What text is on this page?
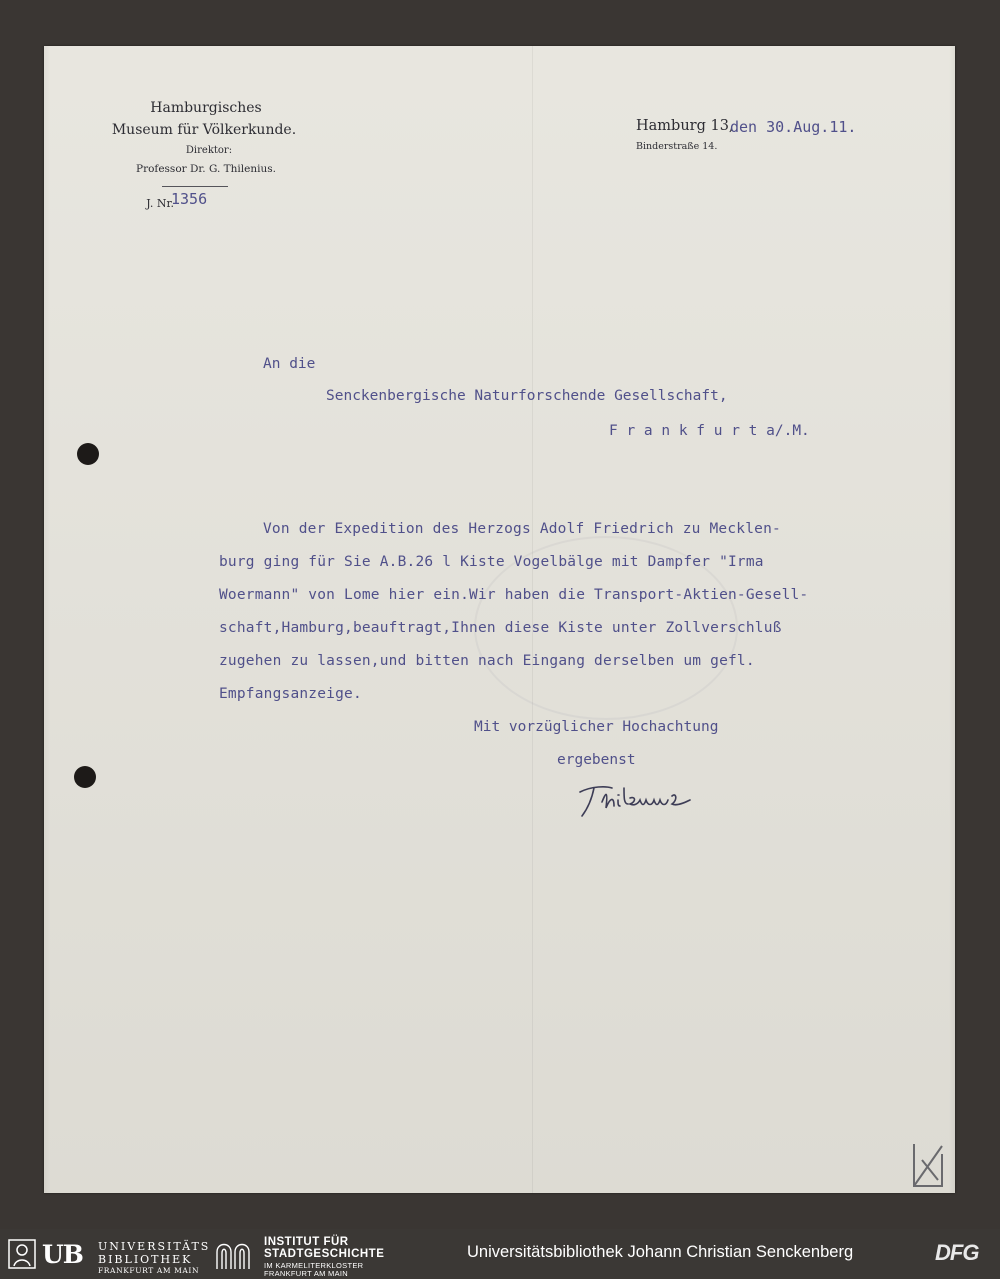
Hamburgisches
Museum für Völkerkunde.
Direktor:
Professor Dr. G. Thilenius.
J. Nr.
1356
Hamburg 13,
den 30.Aug.11.
Binderstraße 14.
An die
Senckenbergische Naturforschende Gesellschaft,
F r a n k f u r t a/.M.
Von der Expedition des Herzogs Adolf Friedrich zu Mecklen-
burg ging für Sie A.B.26 l Kiste Vogelbälge mit Dampfer "Irma
Woermann" von Lome hier ein.Wir haben die Transport-Aktien-Gesell-
schaft,Hamburg,beauftragt,Ihnen diese Kiste unter Zollverschluß
zugehen zu lassen,und bitten nach Eingang derselben um gefl.
Empfangsanzeige.
Mit vorzüglicher Hochachtung
ergebenst
UB UNIVERSITÄTS
BIBLIOTHEK
FRANKFURT AM MAIN
INSTITUT FÜR
STADTGESCHICHTE
IM KARMELITERKLOSTER
FRANKFURT AM MAIN
Universitätsbibliothek Johann Christian Senckenberg	DFG
